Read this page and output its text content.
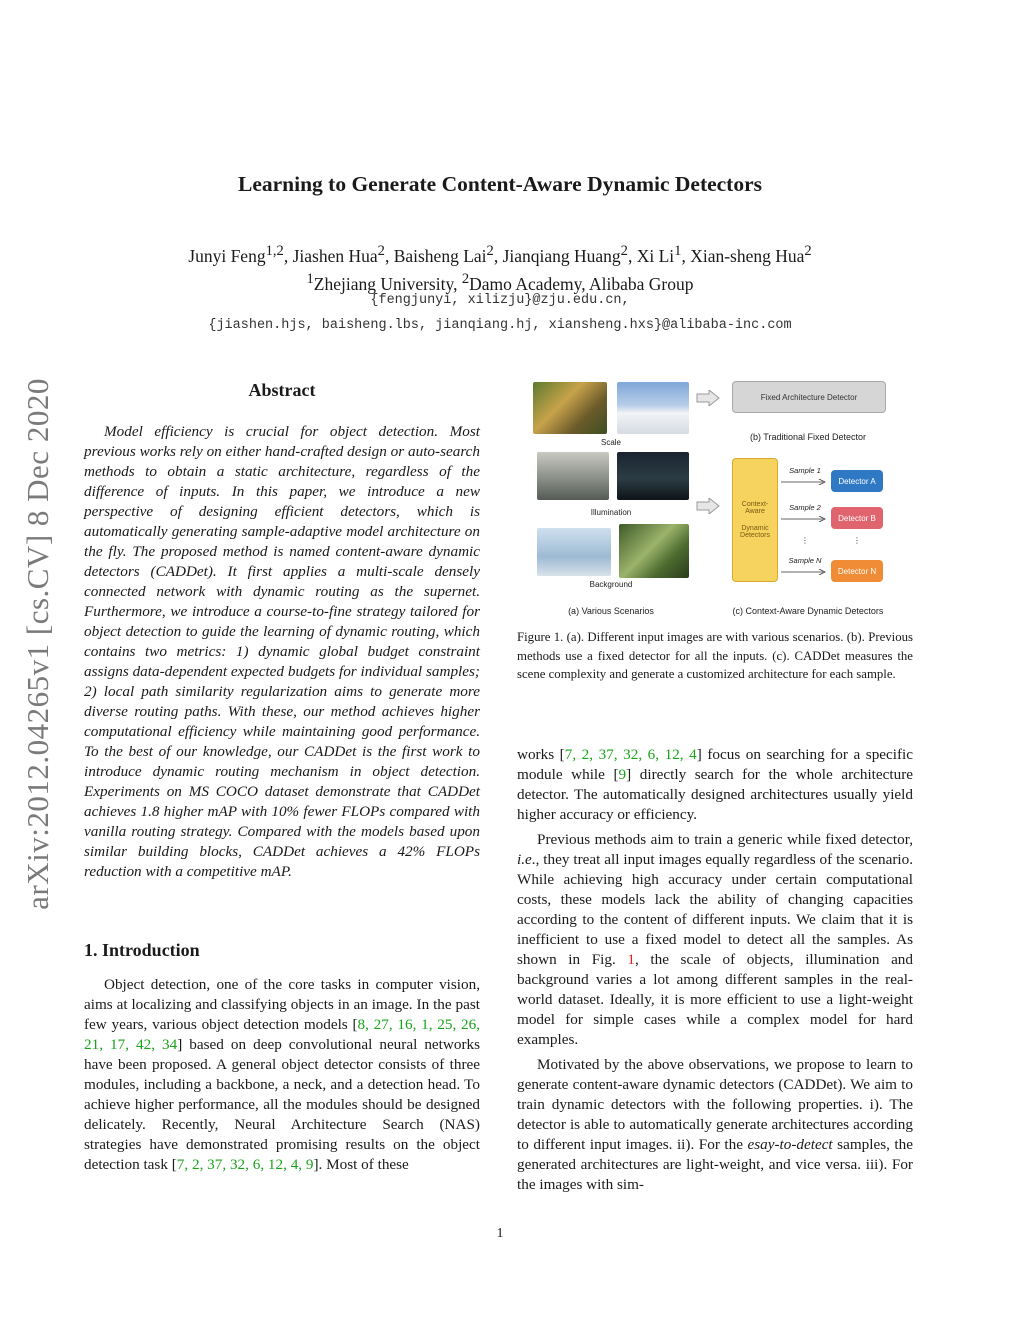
Learning to Generate Content-Aware Dynamic Detectors
Junyi Feng$^{1,2}$, Jiashen Hua$^2$, Baisheng Lai$^2$, Jianqiang Huang$^2$, Xi Li$^1$, Xian-sheng Hua$^2$
$^1$Zhejiang University, $^2$Damo Academy, Alibaba Group
{fengjunyi, xilizju}@zju.edu.cn,
{jiashen.hjs, baisheng.lbs, jianqiang.hj, xiansheng.hxs}@alibaba-inc.com
arXiv:2012.04265v1 [cs.CV] 8 Dec 2020	Abstract

Model efficiency is crucial for object detection. Most previous works rely on either hand-crafted design or auto-search methods to obtain a static architecture, regardless of the difference of inputs. In this paper, we introduce a new perspective of designing efficient detectors, which is automatically generating sample-adaptive model architecture on the fly. The proposed method is named content-aware dynamic detectors (CADDet). It first applies a multi-scale densely connected network with dynamic routing as the supernet. Furthermore, we introduce a course-to-fine strategy tailored for object detection to guide the learning of dynamic routing, which contains two metrics: 1) dynamic global budget constraint assigns data-dependent expected budgets for individual samples; 2) local path similarity regularization aims to generate more diverse routing paths. With these, our method achieves higher computational efficiency while maintaining good performance. To the best of our knowledge, our CADDet is the first work to introduce dynamic routing mechanism in object detection. Experiments on MS COCO dataset demonstrate that CADDet achieves 1.8 higher mAP with 10% fewer FLOPs compared with vanilla routing strategy. Compared with the models based upon similar building blocks, CADDet achieves a 42% FLOPs reduction with a competitive mAP.

1. Introduction

Object detection, one of the core tasks in computer vision, aims at localizing and classifying objects in an image. In the past few years, various object detection models [8, 27, 16, 1, 25, 26, 21, 17, 42, 34] based on deep convolutional neural networks have been proposed. A general object detector consists of three modules, including a backbone, a neck, and a detection head. To achieve higher performance, all the modules should be designed delicately. Recently, Neural Architecture Search (NAS) strategies have demonstrated promising results on the object detection task [7, 2, 37, 32, 6, 12, 4, 9]. Most of these

Scale
Illumination
Background
Fixed Architecture Detector
(b) Traditional Fixed Detector
Context-Aware
Dynamic Detectors
Sample 1
Sample 2
⋮
Sample N
Detector A
Detector B
⋮
Detector N
(a) Various Scenarios	(c) Context-Aware Dynamic Detectors
Figure 1. (a). Different input images are with various scenarios. (b). Previous methods use a fixed detector for all the inputs. (c). CADDet measures the scene complexity and generate a customized architecture for each sample.

works [7, 2, 37, 32, 6, 12, 4] focus on searching for a specific module while [9] directly search for the whole architecture detector. The automatically designed architectures usually yield higher accuracy or efficiency.

Previous methods aim to train a generic while fixed detector, i.e., they treat all input images equally regardless of the scenario. While achieving high accuracy under certain computational costs, these models lack the ability of changing capacities according to the content of different inputs. We claim that it is inefficient to use a fixed model to detect all the samples. As shown in Fig. 1, the scale of objects, illumination and background varies a lot among different samples in the real-world dataset. Ideally, it is more efficient to use a light-weight model for simple cases while a complex model for hard examples.

Motivated by the above observations, we propose to learn to generate content-aware dynamic detectors (CADDet). We aim to train dynamic detectors with the following properties. i). The detector is able to automatically generate architectures according to different input images. ii). For the esay-to-detect samples, the generated architectures are light-weight, and vice versa. iii). For the images with sim-

1
